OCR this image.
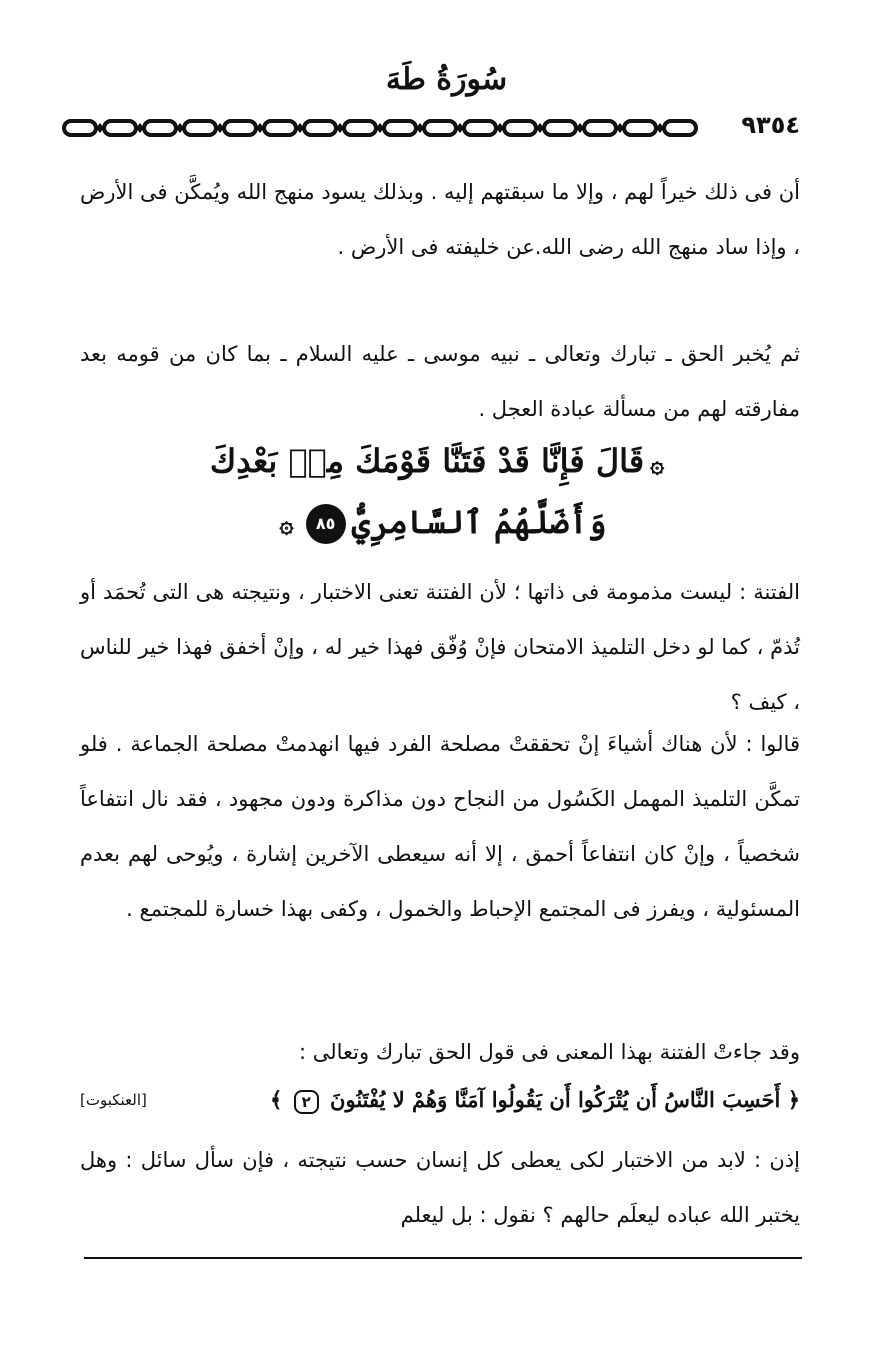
سُورَةُ طَهَ
٩٣٥٤

أن فى ذلك خيراً لهم ، وإلا ما سبقتهم إليه . وبذلك يسود منهج الله ويُمكَّن فى الأرض ، وإذا ساد منهج الله رضى الله.عن خليفته فى الأرض .

ثم يُخبر الحق ـ تبارك وتعالى ـ نبيه موسى ـ عليه السلام ـ بما كان من قومه بعد مفارقته لهم من مسألة عبادة العجل .

۞قَالَ فَإِنَّا قَدْ فَتَنَّا قَوْمَكَ مِنۢ بَعْدِكَ
وَأَضَلَّهُمُ ٱلسَّامِرِيُّ٨٥۞

الفتنة : ليست مذمومة فى ذاتها ؛ لأن الفتنة تعنى الاختبار ، ونتيجته هى التى تُحمَد أو تُذمّ ، كما لو دخل التلميذ الامتحان فإنْ وُفّق فهذا خير له ، وإنْ أخفق فهذا خير للناس ، كيف ؟

قالوا : لأن هناك أشياءَ إنْ تحققتْ مصلحة الفرد فيها انهدمتْ مصلحة الجماعة . فلو تمكَّن التلميذ المهمل الكَسُول من النجاح دون مذاكرة ودون مجهود ، فقد نال انتفاعاً شخصياً ، وإنْ كان انتفاعاً أحمق ، إلا أنه سيعطى الآخرين إشارة ، ويُوحى لهم بعدم المسئولية ، ويفرز فى المجتمع الإحباط والخمول ، وكفى بهذا خسارة للمجتمع .

وقد جاءتْ الفتنة بهذا المعنى فى قول الحق تبارك وتعالى :

﴿ أَحَسِبَ النَّاسُ أَن يُتْرَكُوا أَن يَقُولُوا آمَنَّا وَهُمْ لا يُفْتَنُونَ ٢ ﴾
[العنكبوت]

إذن : لابد من الاختبار لكى يعطى كل إنسان حسب نتيجته ، فإن سأل سائل : وهل يختبر الله عباده ليعلَم حالهم ؟ نقول : بل ليعلم
